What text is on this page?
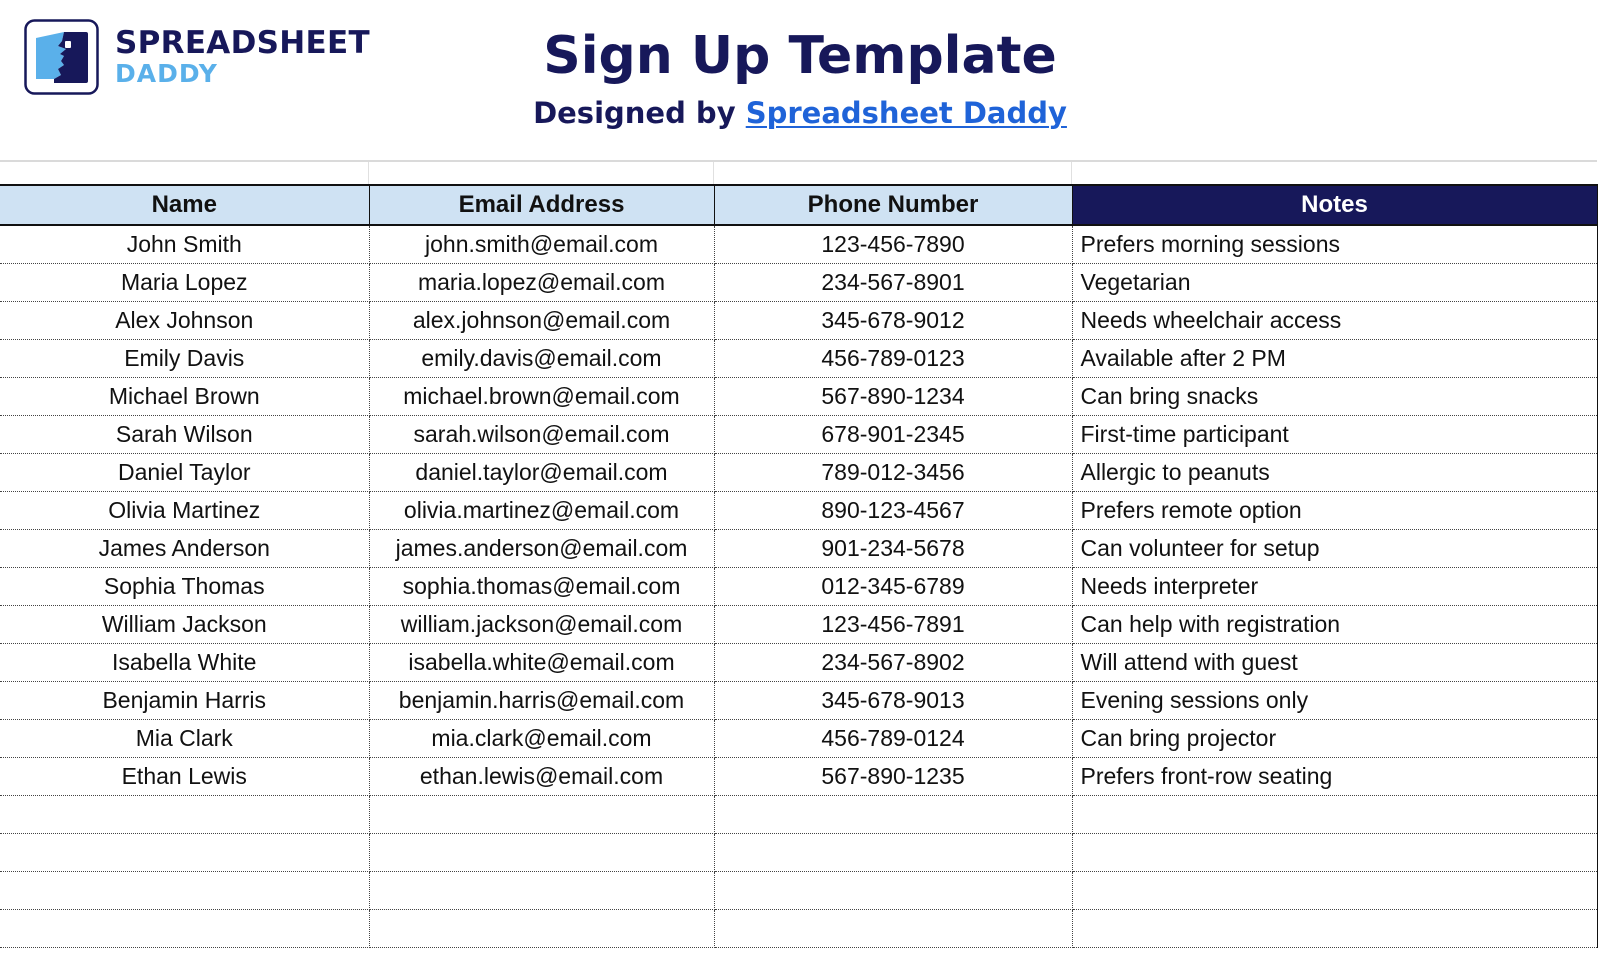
SPREADSHEET
DADDY	Sign Up Template
Designed by Spreadsheet Daddy
Name	Email Address	Phone Number	Notes
John Smith	john.smith@email.com	123-456-7890	Prefers morning sessions
Maria Lopez	maria.lopez@email.com	234-567-8901	Vegetarian
Alex Johnson	alex.johnson@email.com	345-678-9012	Needs wheelchair access
Emily Davis	emily.davis@email.com	456-789-0123	Available after 2 PM
Michael Brown	michael.brown@email.com	567-890-1234	Can bring snacks
Sarah Wilson	sarah.wilson@email.com	678-901-2345	First-time participant
Daniel Taylor	daniel.taylor@email.com	789-012-3456	Allergic to peanuts
Olivia Martinez	olivia.martinez@email.com	890-123-4567	Prefers remote option
James Anderson	james.anderson@email.com	901-234-5678	Can volunteer for setup
Sophia Thomas	sophia.thomas@email.com	012-345-6789	Needs interpreter
William Jackson	william.jackson@email.com	123-456-7891	Can help with registration
Isabella White	isabella.white@email.com	234-567-8902	Will attend with guest
Benjamin Harris	benjamin.harris@email.com	345-678-9013	Evening sessions only
Mia Clark	mia.clark@email.com	456-789-0124	Can bring projector
Ethan Lewis	ethan.lewis@email.com	567-890-1235	Prefers front-row seating
